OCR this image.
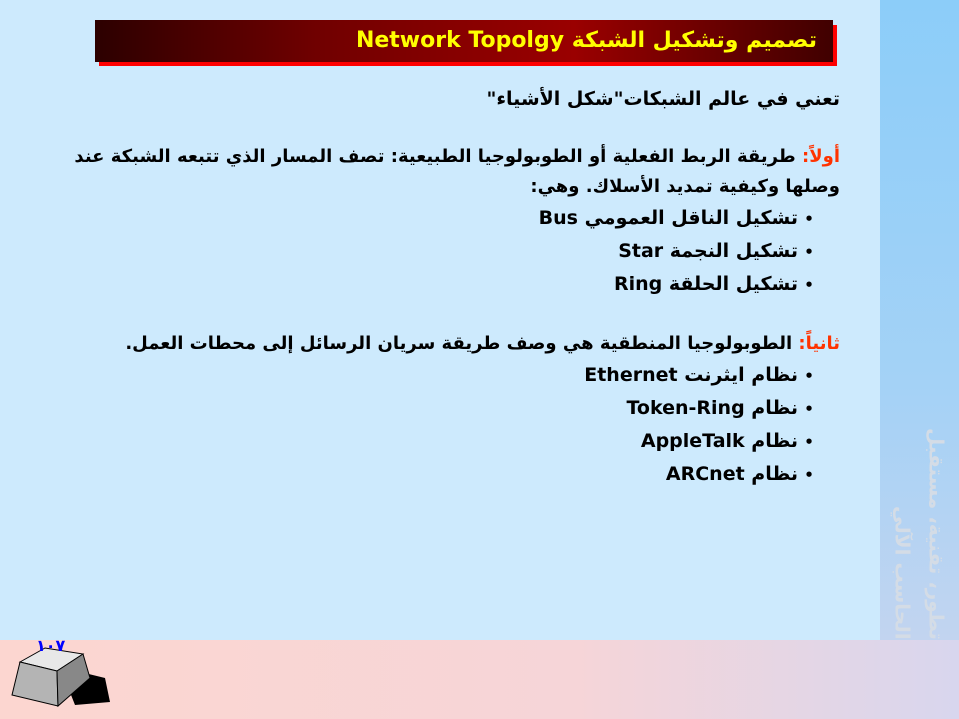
تطور، تقنية، مستقبل
الحاسب الآلي
تصميم وتشكيل الشبكة Network Topolgy
تعني في عالم الشبكات"شكل الأشياء"
أولاً: طريقة الربط الفعلية أو الطوبولوجيا الطبيعية: تصف المسار الذي تتبعه الشبكة عند وصلها وكيفية تمديد الأسلاك. وهي:
•تشكيل الناقل العمومي Bus
•تشكيل النجمة Star
•تشكيل الحلقة Ring
ثانياً: الطوبولوجيا المنطقية هي وصف طريقة سريان الرسائل إلى محطات العمل.
•نظام ايثرنت Ethernet
•نظام Token-Ring
•نظام AppleTalk
•نظام ARCnet
١٠٧
